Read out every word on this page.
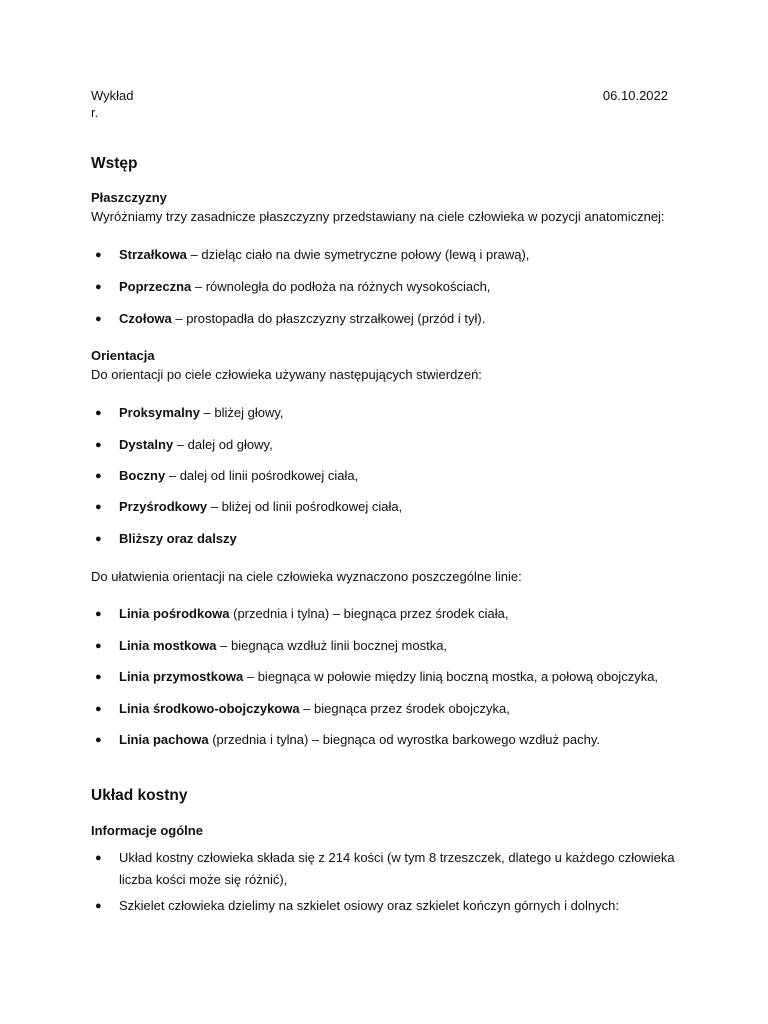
Wykład	06.10.2022
r.
Wstęp
Płaszczyzny
Wyróżniamy trzy zasadnicze płaszczyzny przedstawiany na ciele człowieka w pozycji anatomicznej:
● Strzałkowa – dzieląc ciało na dwie symetryczne połowy (lewą i prawą),
● Poprzeczna – równoległa do podłoża na różnych wysokościach,
● Czołowa – prostopadła do płaszczyzny strzałkowej (przód i tył).
Orientacja
Do orientacji po ciele człowieka używany następujących stwierdzeń:
● Proksymalny – bliżej głowy,
● Dystalny – dalej od głowy,
● Boczny – dalej od linii pośrodkowej ciała,
● Przyśrodkowy – bliżej od linii pośrodkowej ciała,
● Bliższy oraz dalszy
Do ułatwienia orientacji na ciele człowieka wyznaczono poszczególne linie:
● Linia pośrodkowa (przednia i tylna) – biegnąca przez środek ciała,
● Linia mostkowa – biegnąca wzdłuż linii bocznej mostka,
● Linia przymostkowa – biegnąca w połowie między linią boczną mostka, a połową obojczyka,
● Linia środkowo-obojczykowa – biegnąca przez środek obojczyka,
● Linia pachowa (przednia i tylna) – biegnąca od wyrostka barkowego wzdłuż pachy.
Układ kostny
Informacje ogólne
● Układ kostny człowieka składa się z 214 kości (w tym 8 trzeszczek, dlatego u każdego człowieka liczba kości może się różnić),
● Szkielet człowieka dzielimy na szkielet osiowy oraz szkielet kończyn górnych i dolnych:
